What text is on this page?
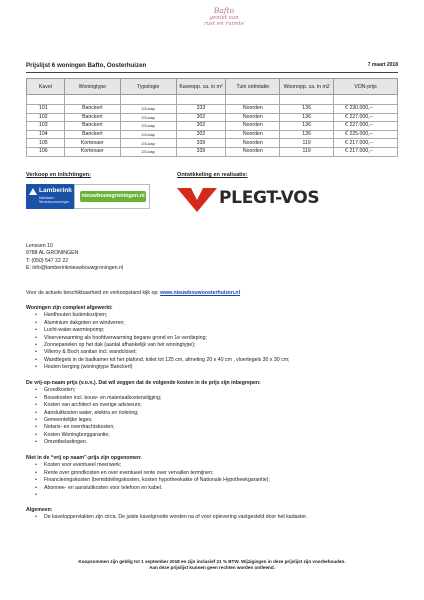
Bafto
geniet van
rust en ruimte
Prijslijst 6 woningen Bafto, Oosterhuizen	7 maart 2018
Kavel	Woningtype	Typologie	Kaveopp. ca. in m²	Tuin oriëntatie	Woonopp. ca. in m2	VON-prijs

101	Banckert	2/1-kap	333	Noorden	136	€ 230.000,--
102	Banckert	2/1-kap	302	Noorden	136	€ 227.000,--
103	Banckert	2/1-kap	302	Noorden	136	€ 227.000,--
104	Banckert	2/1-kap	302	Noorden	136	€ 225.000,--
105	Kortenaer	2/1-kap	339	Noorden	119	€ 217.000,--
106	Kortenaer	2/1-kap	339	Noorden	119	€ 217.000,--
Verkoop en inlichtingen:	Ontwikkeling en realisatie:
Lamberink
Makelaars · Nieuwbouwwoningen
nieuwbouwgroningen.nl	PLEGT-VOS
Lenssen 10
9788 AL GRONINGEN
T: (050) 547 22 22
E: info@lamberinknieuwbouwgroningen.nl
Voor de actuele beschikbaarheid en verkoopstand kijk op: www.nieuwbouwoosterhuizen.nl
Woningen zijn compleet afgewerkt:
• Hardhouten buitenkozijnen;
• Aluminium dakgoten en windveren;
• Lucht-water-warmtepomp;
• Vloerverwarming als hoofdverwarming begane grond en 1e verdieping;
• Zonnepanelen op het dak (aantal afhankelijk van het woningtype);
• Villeroy & Boch sanitair incl. wandcloset;
• Wandtegels in de badkamer tot het plafond, toilet tot 125 cm, afmeting 20 x 40 cm , vloertegels 30 x 30 cm;
• Houten berging (woningtype Banckert)
De vrij-op-naam prijs (v.o.n.). Dat wil zeggen dat de volgende kosten in de prijs zijn inbegrepen:
• Grondkosten;
• Bouwkosten incl. bouw- en materiaalkostenstijging;
• Kosten van architect en overige adviseurs;
• Aansluitkosten water, elektra en riolering;
• Gemeentelijke leges;
• Notaris- en overdrachtskosten;
• Kosten Woningborggarantie;
• Omzetbelastingen.
Niet in de “vrij op naam”-prijs zijn opgenomen:
• Kosten voor eventueel meerwerk;
• Rente over grondkosten en over eventueel rente over vervallen termijnen;
• Financieringskosten (bemiddelingskosten, kosten hypotheekakte of Nationale Hypotheekgarantie);
• Abonnee- en aansluitkosten voor telefoon en kabel.
•
Algemeen:
• De kaveloppervlakten zijn circa. De juiste kavelgrootte worden na of voor oplevering vastgesteld door het kadaster.
Koopsommen zijn geldig tot 1 september 2018 en zijn inclusief 21 % BTW. Wijzigingen in deze prijslijst zijn voorbehouden.
Aan deze prijslijst kunnen geen rechten worden ontleend.
